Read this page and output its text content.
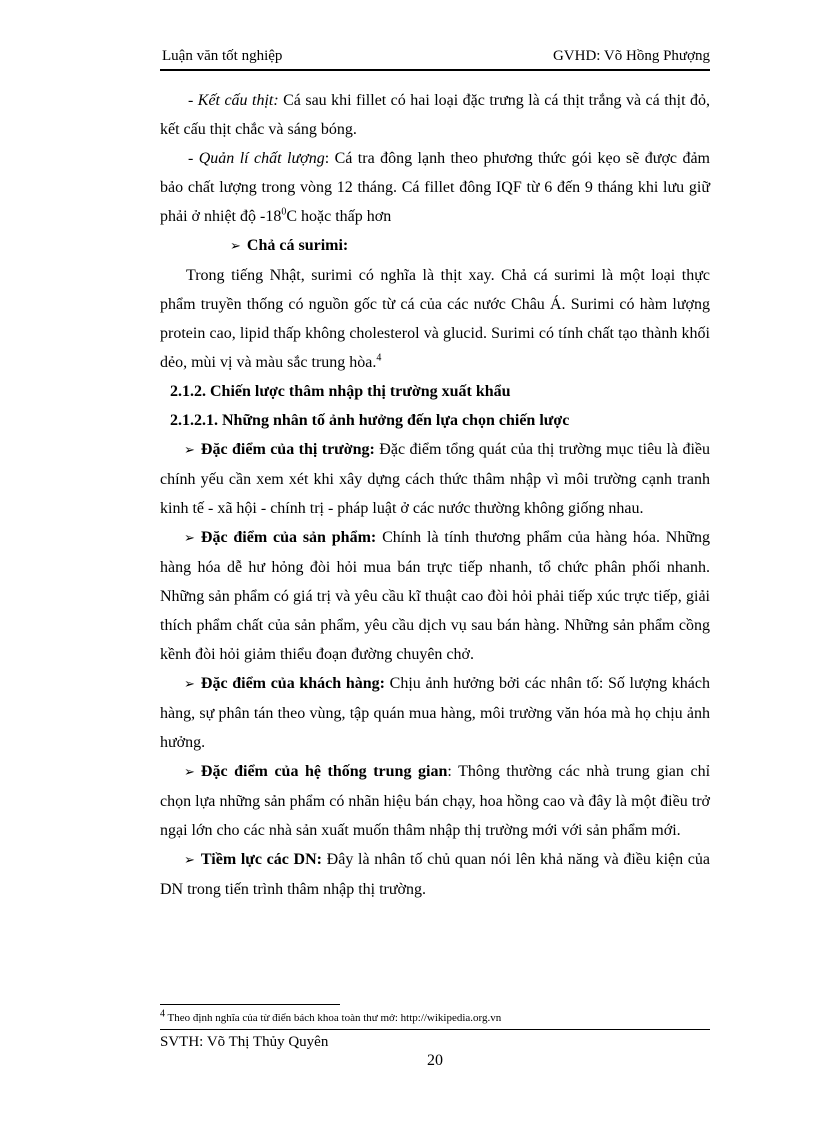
Luận văn tốt nghiệp	GVHD: Võ Hồng Phượng

- Kết cấu thịt: Cá sau khi fillet có hai loại đặc trưng là cá thịt trắng và cá thịt đỏ, kết cấu thịt chắc và sáng bóng.

- Quản lí chất lượng: Cá tra đông lạnh theo phương thức gói kẹo sẽ được đảm bảo chất lượng trong vòng 12 tháng. Cá fillet đông IQF từ 6 đến 9 tháng khi lưu giữ phải ở nhiệt độ $-18^0C$ hoặc thấp hơn

➢ Chả cá surimi:

Trong tiếng Nhật, surimi có nghĩa là thịt xay. Chả cá surimi là một loại thực phẩm truyền thống có nguồn gốc từ cá của các nước Châu Á. Surimi có hàm lượng protein cao, lipid thấp không cholesterol và glucid. Surimi có tính chất tạo thành khối dẻo, mùi vị và màu sắc trung hòa.$^4$

2.1.2. Chiến lược thâm nhập thị trường xuất khẩu

2.1.2.1. Những nhân tố ảnh hưởng đến lựa chọn chiến lược

➢ Đặc điểm của thị trường: Đặc điểm tổng quát của thị trường mục tiêu là điều chính yếu cần xem xét khi xây dựng cách thức thâm nhập vì môi trường cạnh tranh kinh tế - xã hội - chính trị - pháp luật ở các nước thường không giống nhau.

➢ Đặc điểm của sản phẩm: Chính là tính thương phẩm của hàng hóa. Những hàng hóa dễ hư hỏng đòi hỏi mua bán trực tiếp nhanh, tổ chức phân phối nhanh. Những sản phẩm có giá trị và yêu cầu kĩ thuật cao đòi hỏi phải tiếp xúc trực tiếp, giải thích phẩm chất của sản phẩm, yêu cầu dịch vụ sau bán hàng. Những sản phẩm cồng kềnh đòi hỏi giảm thiểu đoạn đường chuyên chở.

➢ Đặc điểm của khách hàng: Chịu ảnh hưởng bởi các nhân tố: Số lượng khách hàng, sự phân tán theo vùng, tập quán mua hàng, môi trường văn hóa mà họ chịu ảnh hưởng.

➢ Đặc điểm của hệ thống trung gian: Thông thường các nhà trung gian chỉ chọn lựa những sản phẩm có nhãn hiệu bán chạy, hoa hồng cao và đây là một điều trở ngại lớn cho các nhà sản xuất muốn thâm nhập thị trường mới với sản phẩm mới.

➢ Tiềm lực các DN: Đây là nhân tố chủ quan nói lên khả năng và điều kiện của DN trong tiến trình thâm nhập thị trường.

$^4$ Theo định nghĩa của từ điển bách khoa toàn thư mở: http://wikipedia.org.vn
SVTH: Võ Thị Thủy Quyên
20
